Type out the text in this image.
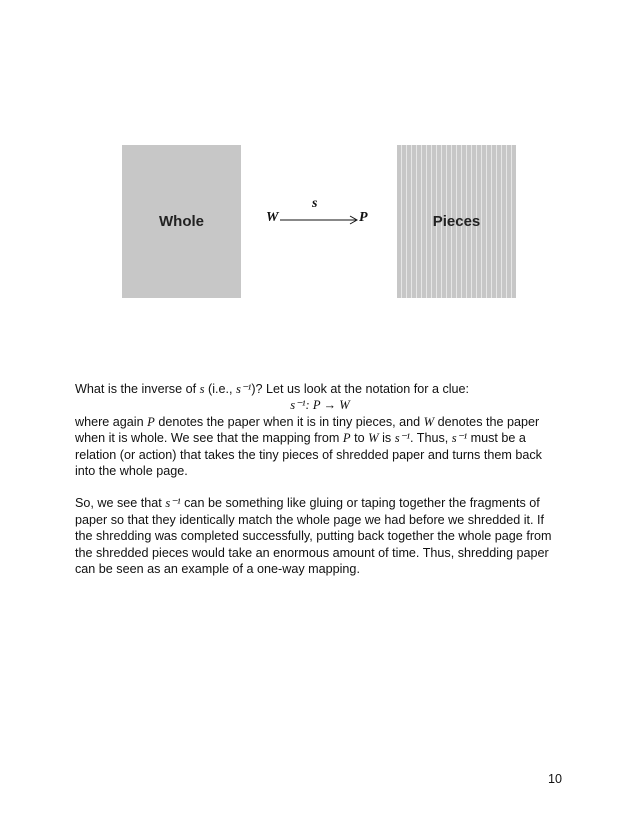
Whole
s
W	P	Pieces

What is the inverse of s (i.e., s⁻¹)? Let us look at the notation for a clue:

s⁻¹: P → W

where again P denotes the paper when it is in tiny pieces, and W denotes the paper when it is whole. We see that the mapping from P to W is s⁻¹. Thus, s⁻¹ must be a relation (or action) that takes the tiny pieces of shredded paper and turns them back into the whole page.

So, we see that s⁻¹ can be something like gluing or taping together the fragments of paper so that they identically match the whole page we had before we shredded it. If the shredding was completed successfully, putting back together the whole page from the shredded pieces would take an enormous amount of time. Thus, shredding paper can be seen as an example of a one-way mapping.

10
